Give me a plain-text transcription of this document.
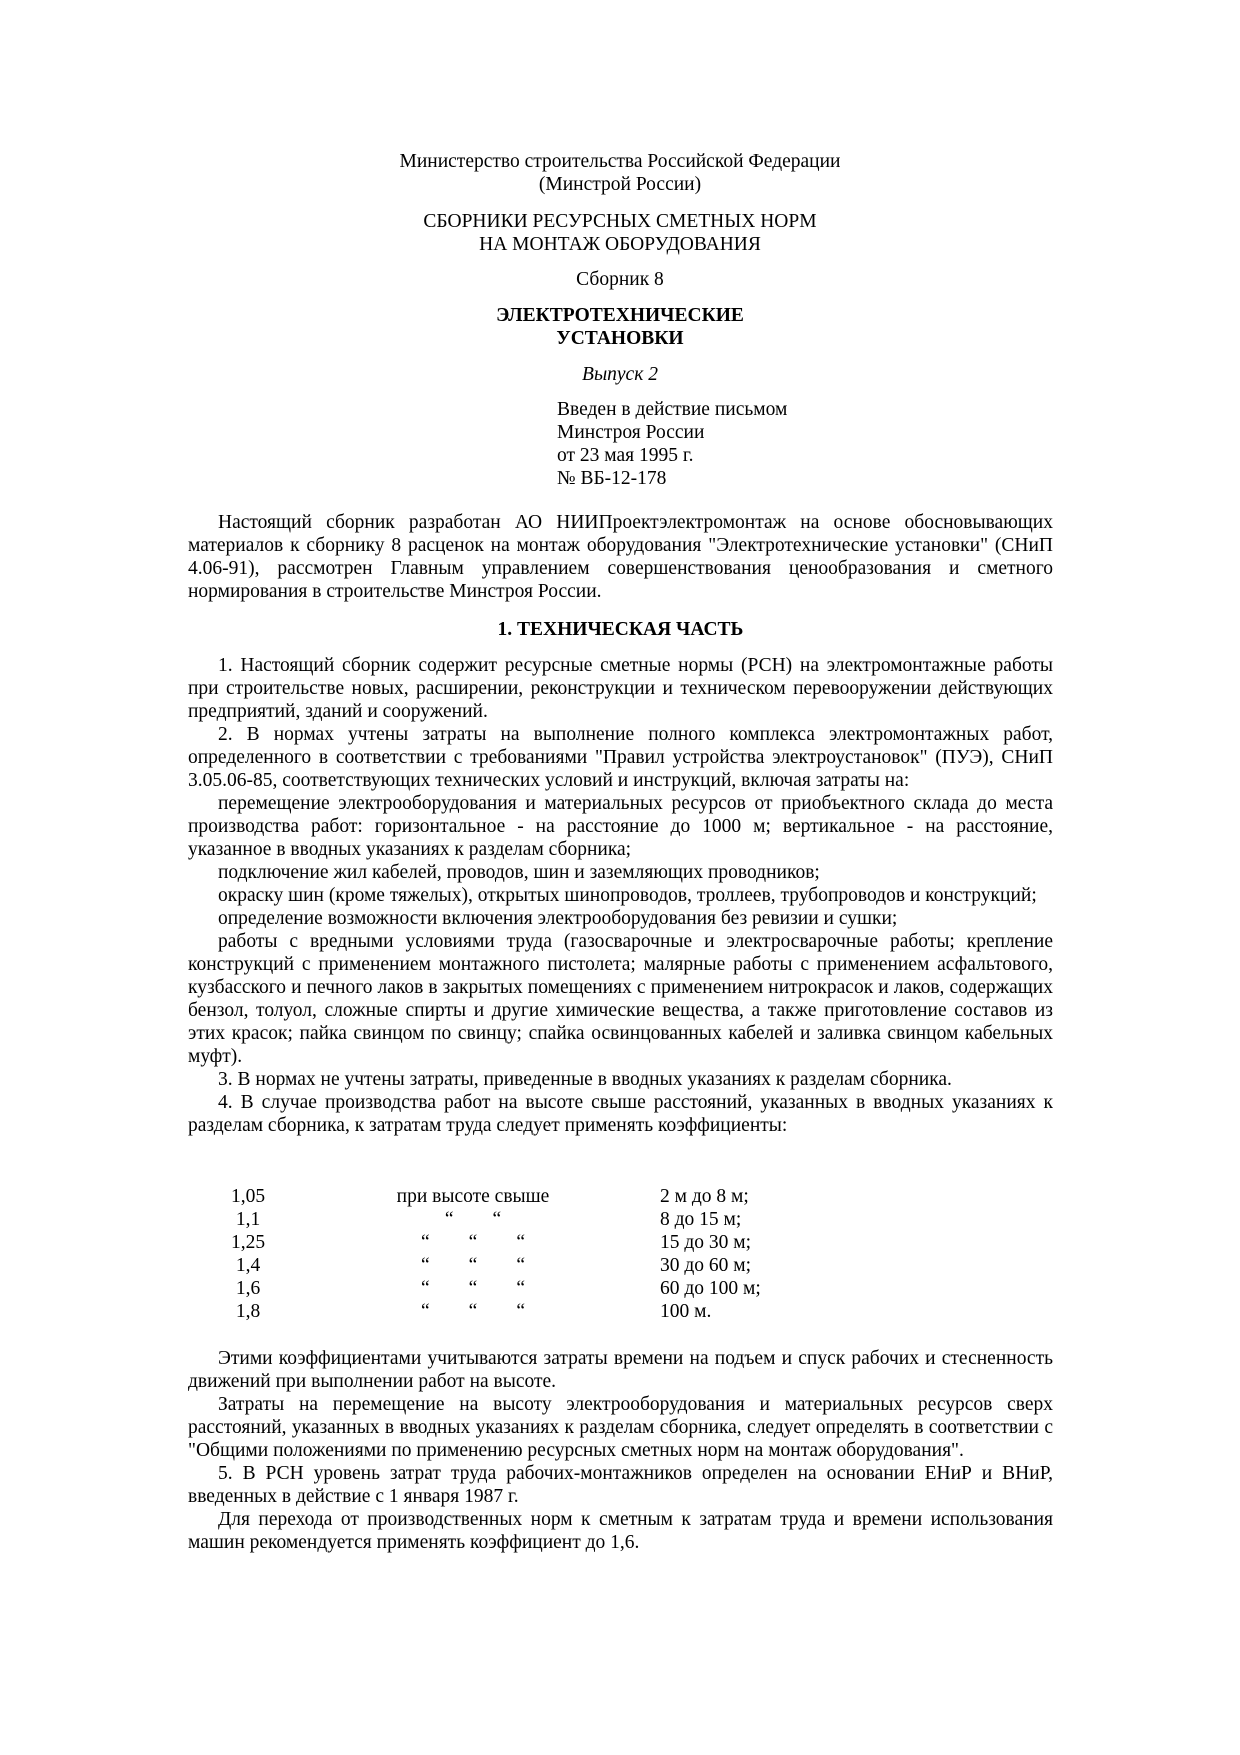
Министерство строительства Российской Федерации
(Минстрой России)
СБОРНИКИ РЕСУРСНЫХ СМЕТНЫХ НОРМ
НА МОНТАЖ ОБОРУДОВАНИЯ
Сборник 8
ЭЛЕКТРОТЕХНИЧЕСКИЕ
УСТАНОВКИ
Выпуск 2
Введен в действие письмом
Минстроя России
от 23 мая 1995 г.
№ ВБ-12-178

Настоящий сборник разработан АО НИИПроектэлектромонтаж на основе обосновывающих материалов к сборнику 8 расценок на монтаж оборудования "Электротехнические установки" (СНиП 4.06-91), рассмотрен Главным управлением совершенствования ценообразования и сметного нормирования в строительстве Минстроя России.

1. ТЕХНИЧЕСКАЯ ЧАСТЬ

1. Настоящий сборник содержит ресурсные сметные нормы (РСН) на электромонтажные работы при строительстве новых, расширении, реконструкции и техническом перевооружении действующих предприятий, зданий и сооружений.

2. В нормах учтены затраты на выполнение полного комплекса электромонтажных работ, определенного в соответствии с требованиями "Правил устройства электроустановок" (ПУЭ), СНиП 3.05.06-85, соответствующих технических условий и инструкций, включая затраты на:

перемещение электрооборудования и материальных ресурсов от приобъектного склада до места производства работ: горизонтальное - на расстояние до 1000 м; вертикальное - на расстояние, указанное в вводных указаниях к разделам сборника;

подключение жил кабелей, проводов, шин и заземляющих проводников;

окраску шин (кроме тяжелых), открытых шинопроводов, троллеев, трубопроводов и конструкций;

определение возможности включения электрооборудования без ревизии и сушки;

работы с вредными условиями труда (газосварочные и электросварочные работы; крепление конструкций с применением монтажного пистолета; малярные работы с применением асфальтового, кузбасского и печного лаков в закрытых помещениях с применением нитрокрасок и лаков, содержащих бензол, толуол, сложные спирты и другие химические вещества, а также приготовление составов из этих красок; пайка свинцом по свинцу; спайка освинцованных кабелей и заливка свинцом кабельных муфт).

3. В нормах не учтены затраты, приведенные в вводных указаниях к разделам сборника.

4. В случае производства работ на высоте свыше расстояний, указанных в вводных указаниях к разделам сборника, к затратам труда следует применять коэффициенты:

1,05	при высоте свыше	2 м до 8 м;
1,1	“        “	8 до 15 м;
1,25	“        “        “	15 до 30 м;
1,4	“        “        “	30 до 60 м;
1,6	“        “        “	60 до 100 м;
1,8	“        “        “	100 м.

Этими коэффициентами учитываются затраты времени на подъем и спуск рабочих и стесненность движений при выполнении работ на высоте.

Затраты на перемещение на высоту электрооборудования и материальных ресурсов сверх расстояний, указанных в вводных указаниях к разделам сборника, следует определять в соответствии с "Общими положениями по применению ресурсных сметных норм на монтаж оборудования".

5. В РСН уровень затрат труда рабочих-монтажников определен на основании ЕНиР и ВНиР, введенных в действие с 1 января 1987 г.

Для перехода от производственных норм к сметным к затратам труда и времени использования машин рекомендуется применять коэффициент до 1,6.
